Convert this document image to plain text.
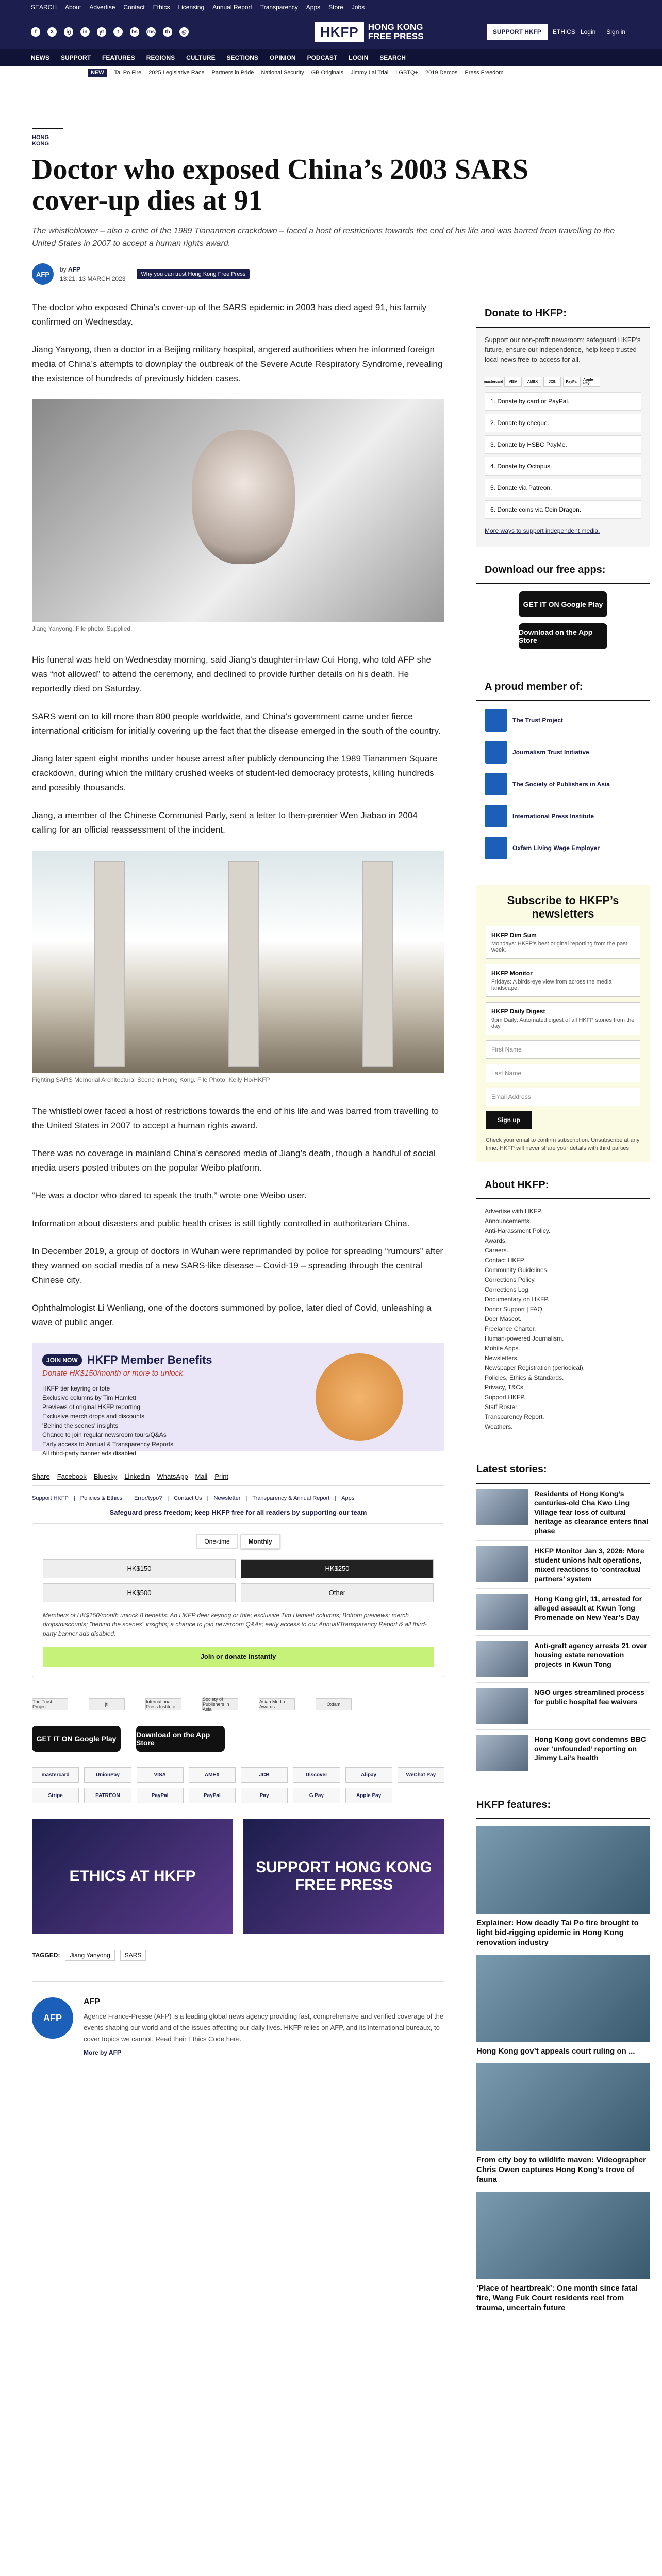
SEARCH About Advertise Contact Ethics Licensing Annual Report Transparency Apps Store Jobs
f	X	ig	in	yt	t	bs	ms	th	@	HKFP	HONG KONG
FREE PRESS	SUPPORT HKFP	ETHICS Login	Sign in
NEWS SUPPORT FEATURES REGIONS CULTURE SECTIONS OPINION PODCAST LOGIN SEARCH
NEW	Tai Po Fire 2025 Legislative Race Partners in Pride National Security GB Originals Jimmy Lai Trial LGBTQ+ 2019 Demos Press Freedom
HONG KONG
Doctor who exposed China’s 2003 SARS cover-up dies at 91
The whistleblower – also a critic of the 1989 Tiananmen crackdown – faced a host of restrictions towards the end of his life and was barred from travelling to the United States in 2007 to accept a human rights award.
AFP
by AFP
13:21, 13 MARCH 2023
Why you can trust Hong Kong Free Press

The doctor who exposed China’s cover-up of the SARS epidemic in 2003 has died aged 91, his family confirmed on Wednesday.

Jiang Yanyong, then a doctor in a Beijing military hospital, angered authorities when he informed foreign media of China’s attempts to downplay the outbreak of the Severe Acute Respiratory Syndrome, revealing the existence of hundreds of previously hidden cases.

Jiang Yanyong. File photo: Supplied.

His funeral was held on Wednesday morning, said Jiang’s daughter-in-law Cui Hong, who told AFP she was “not allowed” to attend the ceremony, and declined to provide further details on his death. He reportedly died on Saturday.

SARS went on to kill more than 800 people worldwide, and China’s government came under fierce international criticism for initially covering up the fact that the disease emerged in the south of the country.

Jiang later spent eight months under house arrest after publicly denouncing the 1989 Tiananmen Square crackdown, during which the military crushed weeks of student-led democracy protests, killing hundreds and possibly thousands.

Jiang, a member of the Chinese Communist Party, sent a letter to then-premier Wen Jiabao in 2004 calling for an official reassessment of the incident.

Fighting SARS Memorial Architectural Scene in Hong Kong. File Photo: Kelly Ho/HKFP

The whistleblower faced a host of restrictions towards the end of his life and was barred from travelling to the United States in 2007 to accept a human rights award.

There was no coverage in mainland China’s censored media of Jiang’s death, though a handful of social media users posted tributes on the popular Weibo platform.

“He was a doctor who dared to speak the truth,” wrote one Weibo user.

Information about disasters and public health crises is still tightly controlled in authoritarian China.

In December 2019, a group of doctors in Wuhan were reprimanded by police for spreading “rumours” after they warned on social media of a new SARS-like disease – Covid-19 – spreading through the central Chinese city.

Ophthalmologist Li Wenliang, one of the doctors summoned by police, later died of Covid, unleashing a wave of public anger.

JOIN NOW HKFP Member Benefits
Donate HK$150/month or more to unlock
HKFP tier keyring or tote
Exclusive columns by Tim Hamlett
Previews of original HKFP reporting
Exclusive merch drops and discounts
'Behind the scenes' insights
Chance to join regular newsroom tours/Q&As
Early access to Annual & Transparency Reports
All third-party banner ads disabled
Share Facebook Bluesky LinkedIn WhatsApp Mail Print
Support HKFP | Policies & Ethics | Error/typo? | Contact Us | Newsletter | Transparency & Annual Report | Apps
Safeguard press freedom; keep HKFP free for all readers by supporting our team
One-time	Monthly
HK$150	HK$250
HK$500	Other
Members of HK$150/month unlock 8 benefits: An HKFP deer keyring or tote; exclusive Tim Hamlett columns; Bottom previews; merch drops/discounts; "behind the scenes" insights; a chance to join newsroom Q&As; early access to our Annual/Transparency Report & all third-party banner ads disabled.
Join or donate instantly
The Trust Project	jti	International Press Institute
Society of Publishers in Asia
Asian Media Awards	Oxfam
GET IT ON Google Play	Download on the App Store
mastercard	UnionPay	VISA	AMEX	JCB	Discover	Alipay	WeChat Pay
Stripe	PATREON	PayPal	PayPal	Pay	G Pay	Apple Pay
ETHICS AT HKFP
SUPPORT HONG KONG FREE PRESS
TAGGED:	Jiang Yanyong	SARS
AFP
AFP
Agence France-Presse (AFP) is a leading global news agency providing fast, comprehensive and verified coverage of the events shaping our world and of the issues affecting our daily lives. HKFP relies on AFP, and its international bureaux, to cover topics we cannot. Read their Ethics Code here.
More by AFP
Donate to HKFP:
Support our non-profit newsroom: safeguard HKFP’s future, ensure our independence, help keep trusted local news free-to-access for all.
mastercard	VISA	AMEX	JCB	PayPal	Apple Pay
1. Donate by card or PayPal.
2. Donate by cheque.
3. Donate by HSBC PayMe.
4. Donate by Octopus.
5. Donate via Patreon.
6. Donate coins via Coin Dragon.
More ways to support independent media.
Download our free apps:
GET IT ON Google Play
Download on the App Store
A proud member of:
The Trust Project
Journalism Trust Initiative
The Society of Publishers in Asia
International Press Institute
Oxfam Living Wage Employer
Subscribe to HKFP’s newsletters
HKFP Dim Sum
Mondays: HKFP's best original reporting from the past week.
HKFP Monitor
Fridays: A birds-eye view from across the media landscape.
HKFP Daily Digest
9pm Daily: Automated digest of all HKFP stories from the day.
First Name
Last Name
Email Address
Sign up
Check your email to confirm subscription. Unsubscribe at any time. HKFP will never share your details with third parties.
About HKFP:
Advertise with HKFP.
Announcements.
Anti-Harassment Policy.
Awards.
Careers.
Contact HKFP.
Community Guidelines.
Corrections Policy.
Corrections Log.
Documentary on HKFP.
Donor Support | FAQ.
Doer Mascot.
Freelance Charter.
Human-powered Journalism.
Mobile Apps.
Newsletters.
Newspaper Registration (periodical).
Policies, Ethics & Standards.
Privacy, T&Cs.
Support HKFP.
Staff Roster.
Transparency Report.
Weathers.
Latest stories:
Residents of Hong Kong’s centuries-old Cha Kwo Ling Village fear loss of cultural heritage as clearance enters final phase
HKFP Monitor Jan 3, 2026: More student unions halt operations, mixed reactions to ‘contractual partners’ system
Hong Kong girl, 11, arrested for alleged assault at Kwun Tong Promenade on New Year’s Day
Anti-graft agency arrests 21 over housing estate renovation projects in Kwun Tong
NGO urges streamlined process for public hospital fee waivers
Hong Kong govt condemns BBC over ‘unfounded’ reporting on Jimmy Lai’s health
HKFP features:
Explainer: How deadly Tai Po fire brought to light bid-rigging epidemic in Hong Kong renovation industry
Hong Kong gov’t appeals court ruling on ...
From city boy to wildlife maven: Videographer Chris Owen captures Hong Kong’s trove of fauna
‘Place of heartbreak’: One month since fatal fire, Wang Fuk Court residents reel from trauma, uncertain future
